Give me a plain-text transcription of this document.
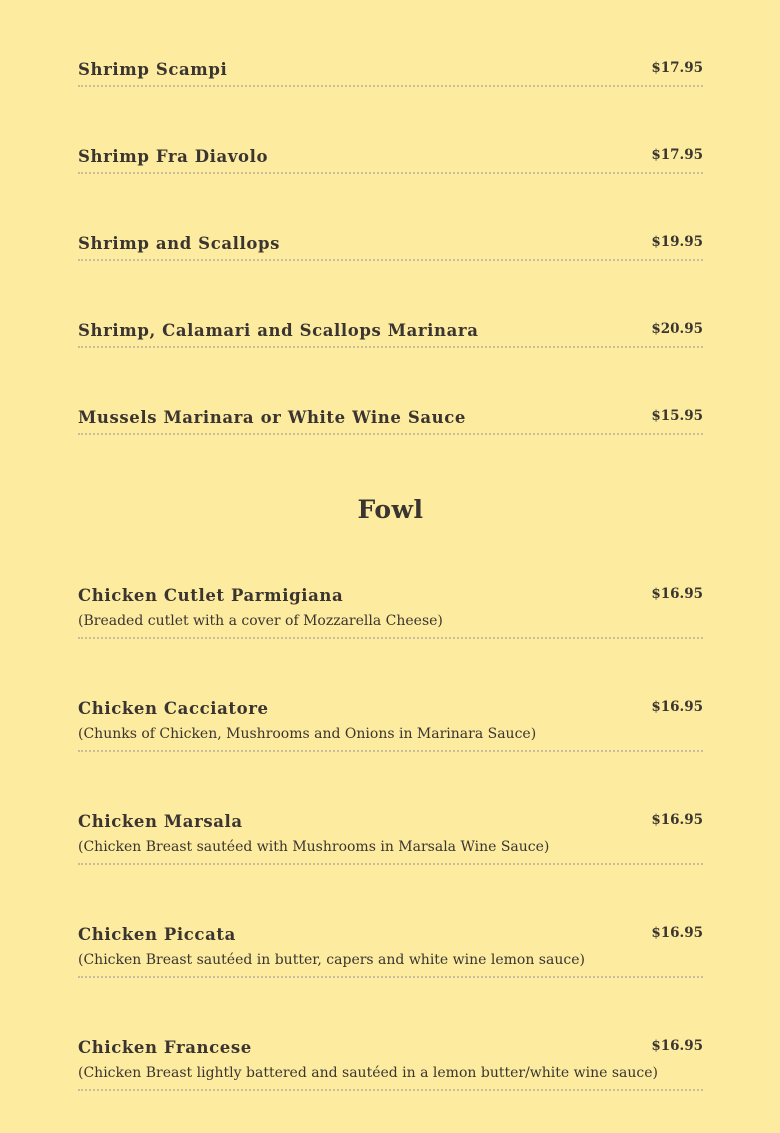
Shrimp Scampi	$17.95
Shrimp Fra Diavolo	$17.95
Shrimp and Scallops	$19.95
Shrimp, Calamari and Scallops Marinara	$20.95
Mussels Marinara or White Wine Sauce	$15.95
Fowl
Chicken Cutlet Parmigiana	$16.95
(Breaded cutlet with a cover of Mozzarella Cheese)
Chicken Cacciatore	$16.95
(Chunks of Chicken, Mushrooms and Onions in Marinara Sauce)
Chicken Marsala	$16.95
(Chicken Breast sautéed with Mushrooms in Marsala Wine Sauce)
Chicken Piccata	$16.95
(Chicken Breast sautéed in butter, capers and white wine lemon sauce)
Chicken Francese	$16.95
(Chicken Breast lightly battered and sautéed in a lemon butter/white wine sauce)
